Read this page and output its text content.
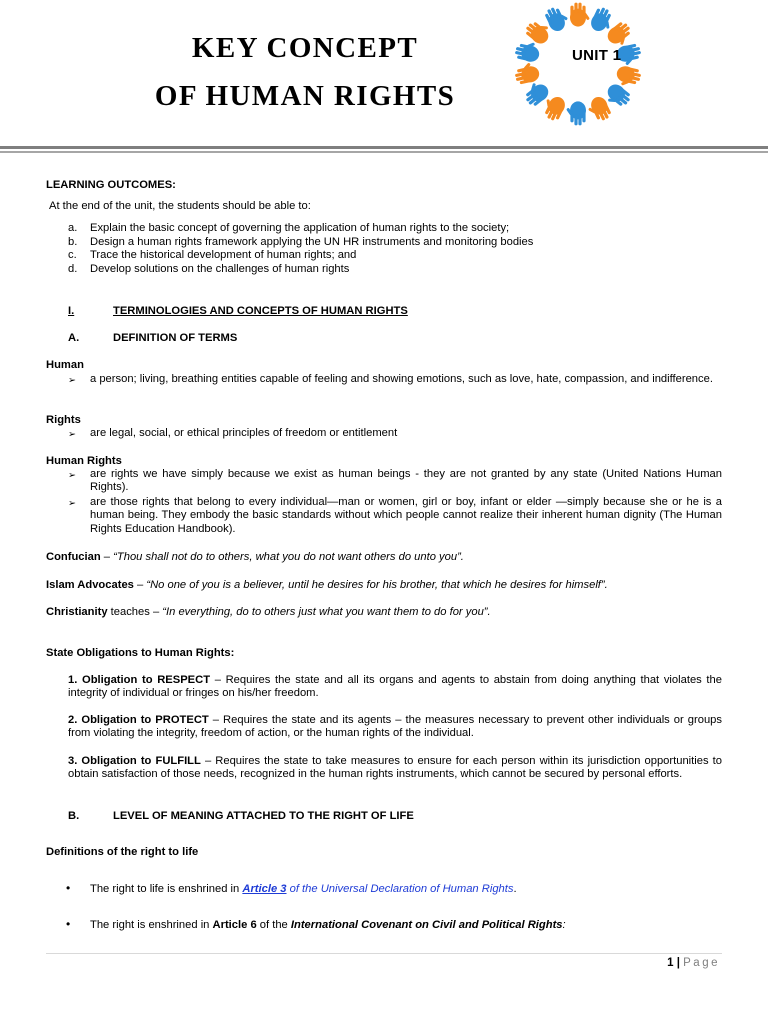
KEY CONCEPT
OF HUMAN RIGHTS
UNIT 1
LEARNING OUTCOMES:
At the end of the unit, the students should be able to:
a. Explain the basic concept of governing the application of human rights to the society;
b. Design a human rights framework applying the UN HR instruments and monitoring bodies
c. Trace the historical development of human rights; and
d. Develop solutions on the challenges of human rights
I.	TERMINOLOGIES AND CONCEPTS OF HUMAN RIGHTS
A.	DEFINITION OF TERMS
Human
➢ a person; living, breathing entities capable of feeling and showing emotions, such as love, hate, compassion, and indifference.
Rights
➢ are legal, social, or ethical principles of freedom or entitlement
Human Rights
➢ are rights we have simply because we exist as human beings - they are not granted by any state (United Nations Human Rights).
➢ are those rights that belong to every individual—man or women, girl or boy, infant or elder —simply because she or he is a human being. They embody the basic standards without which people cannot realize their inherent human dignity (The Human Rights Education Handbook).
Confucian – “Thou shall not do to others, what you do not want others do unto you”.
Islam Advocates – “No one of you is a believer, until he desires for his brother, that which he desires for himself”.
Christianity teaches – “In everything, do to others just what you want them to do for you”.
State Obligations to Human Rights:
1. Obligation to RESPECT – Requires the state and all its organs and agents to abstain from doing anything that violates the integrity of individual or fringes on his/her freedom.
2. Obligation to PROTECT – Requires the state and its agents – the measures necessary to prevent other individuals or groups from violating the integrity, freedom of action, or the human rights of the individual.
3. Obligation to FULFILL – Requires the state to take measures to ensure for each person within its jurisdiction opportunities to obtain satisfaction of those needs, recognized in the human rights instruments, which cannot be secured by personal efforts.
B.	LEVEL OF MEANING ATTACHED TO THE RIGHT OF LIFE
Definitions of the right to life
• The right to life is enshrined in Article 3 of the Universal Declaration of Human Rights.
• The right is enshrined in Article 6 of the International Covenant on Civil and Political Rights:
1 | Page
